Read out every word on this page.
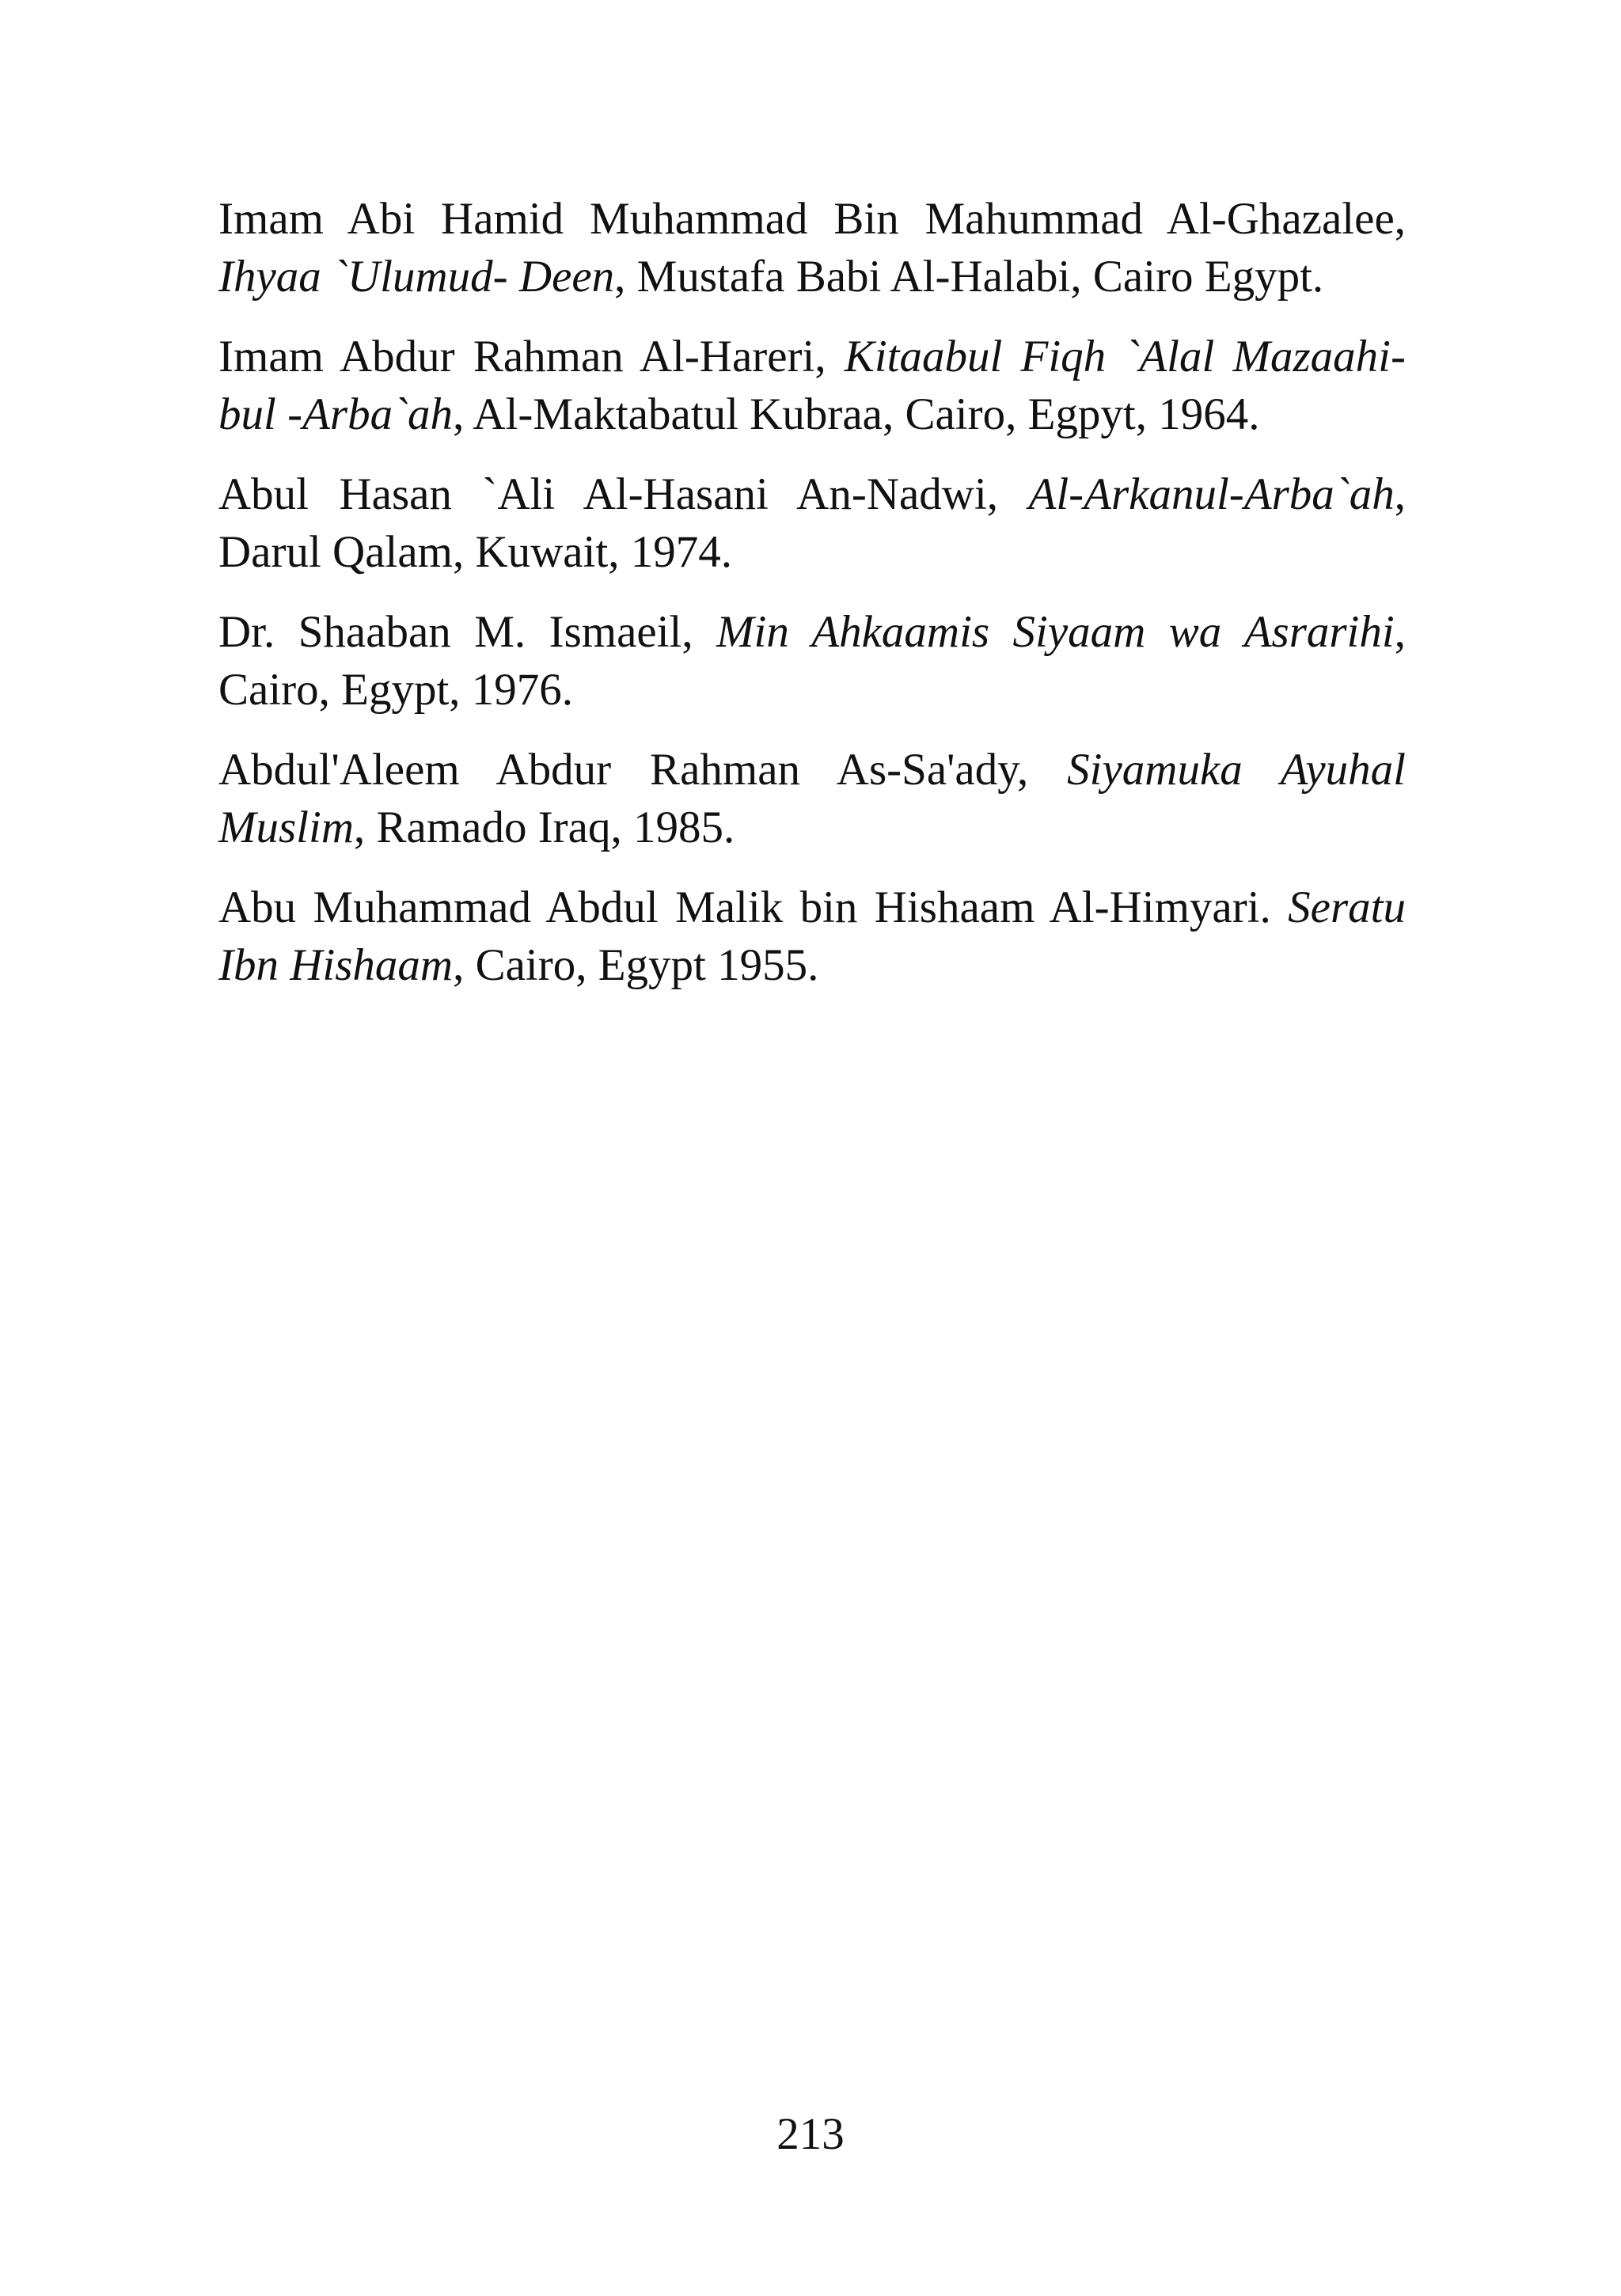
Imam Abi Hamid Muhammad Bin Mahummad Al-Ghazalee, Ihyaa `Ulumud- Deen, Mustafa Babi Al-Halabi, Cairo Egypt.

Imam Abdur Rahman Al-Hareri, Kitaabul Fiqh `Alal Mazaahi-bul -Arba`ah, Al-Maktabatul Kubraa, Cairo, Egpyt, 1964.

Abul Hasan `Ali Al-Hasani An-Nadwi, Al-Arkanul-Arba`ah, Darul Qalam, Kuwait, 1974.

Dr. Shaaban M. Ismaeil, Min Ahkaamis Siyaam wa Asrarihi, Cairo, Egypt, 1976.

Abdul'Aleem Abdur Rahman As-Sa'ady, Siyamuka Ayuhal Muslim, Ramado Iraq, 1985.

Abu Muhammad Abdul Malik bin Hishaam Al-Himyari. Seratu Ibn Hishaam, Cairo, Egypt 1955.

213
